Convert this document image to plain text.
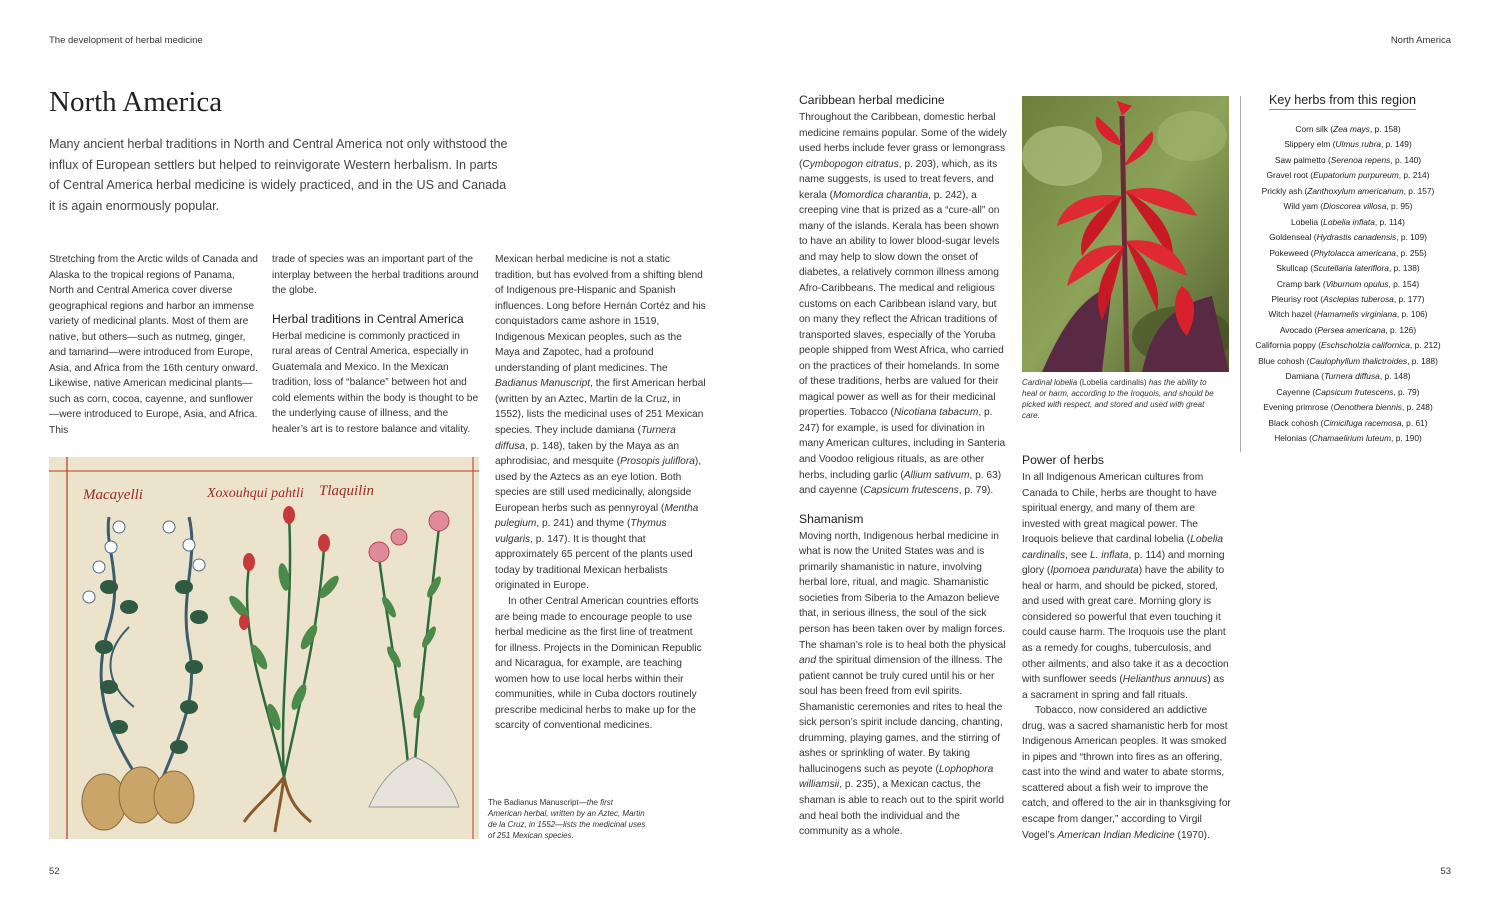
The development of herbal medicine	North America
North America
Many ancient herbal traditions in North and Central America not only withstood the influx of European settlers but helped to reinvigorate Western herbalism. In parts of Central America herbal medicine is widely practiced, and in the US and Canada it is again enormously popular.

Stretching from the Arctic wilds of Canada and Alaska to the tropical regions of Panama, North and Central America cover diverse geographical regions and harbor an immense variety of medicinal plants. Most of them are native, but others—such as nutmeg, ginger, and tamarind—were introduced from Europe, Asia, and Africa from the 16th century onward. Likewise, native American medicinal plants—such as corn, cocoa, cayenne, and sunflower—were introduced to Europe, Asia, and Africa. This

trade of species was an important part of the interplay between the herbal traditions around the globe.

Herbal traditions in Central America

Herbal medicine is commonly practiced in rural areas of Central America, especially in Guatemala and Mexico. In the Mexican tradition, loss of “balance” between hot and cold elements within the body is thought to be the underlying cause of illness, and the healer’s art is to restore balance and vitality.

Mexican herbal medicine is not a static tradition, but has evolved from a shifting blend of Indigenous pre-Hispanic and Spanish influences. Long before Hernán Cortéz and his conquistadors came ashore in 1519, Indigenous Mexican peoples, such as the Maya and Zapotec, had a profound understanding of plant medicines. The Badianus Manuscript, the first American herbal (written by an Aztec, Martin de la Cruz, in 1552), lists the medicinal uses of 251 Mexican species. They include damiana (Turnera diffusa, p. 148), taken by the Maya as an aphrodisiac, and mesquite (Prosopis juliflora), used by the Aztecs as an eye lotion. Both species are still used medicinally, alongside European herbs such as pennyroyal (Mentha pulegium, p. 241) and thyme (Thymus vulgaris, p. 147). It is thought that approximately 65 percent of the plants used today by traditional Mexican herbalists originated in Europe.

In other Central American countries efforts are being made to encourage people to use herbal medicine as the first line of treatment for illness. Projects in the Dominican Republic and Nicaragua, for example, are teaching women how to use local herbs within their communities, while in Cuba doctors routinely prescribe medicinal herbs to make up for the scarcity of conventional medicines.

Macayelli	Xoxouhqui pahtli Tlaquilin
The Badianus Manuscript—the first American herbal, written by an Aztec, Martin de la Cruz, in 1552—lists the medicinal uses of 251 Mexican species.
52	53
Caribbean herbal medicine

Throughout the Caribbean, domestic herbal medicine remains popular. Some of the widely used herbs include fever grass or lemongrass (Cymbopogon citratus, p. 203), which, as its name suggests, is used to treat fevers, and kerala (Momordica charantia, p. 242), a creeping vine that is prized as a “cure-all” on many of the islands. Kerala has been shown to have an ability to lower blood-sugar levels and may help to slow down the onset of diabetes, a relatively common illness among Afro-Caribbeans. The medical and religious customs on each Caribbean island vary, but on many they reflect the African traditions of transported slaves, especially of the Yoruba people shipped from West Africa, who carried on the practices of their homelands. In some of these traditions, herbs are valued for their magical power as well as for their medicinal properties. Tobacco (Nicotiana tabacum, p. 247) for example, is used for divination in many American cultures, including in Santeria and Voodoo religious rituals, as are other herbs, including garlic (Allium sativum, p. 63) and cayenne (Capsicum frutescens, p. 79).

Shamanism

Moving north, Indigenous herbal medicine in what is now the United States was and is primarily shamanistic in nature, involving herbal lore, ritual, and magic. Shamanistic societies from Siberia to the Amazon believe that, in serious illness, the soul of the sick person has been taken over by malign forces. The shaman’s role is to heal both the physical and the spiritual dimension of the illness. The patient cannot be truly cured until his or her soul has been freed from evil spirits. Shamanistic ceremonies and rites to heal the sick person’s spirit include dancing, chanting, drumming, playing games, and the stirring of ashes or sprinkling of water. By taking hallucinogens such as peyote (Lophophora williamsii, p. 235), a Mexican cactus, the shaman is able to reach out to the spirit world and heal both the individual and the community as a whole.

Cardinal lobelia (Lobelia cardinalis) has the ability to heal or harm, according to the Iroquois, and should be picked with respect, and stored and used with great care.
Power of herbs

In all Indigenous American cultures from Canada to Chile, herbs are thought to have spiritual energy, and many of them are invested with great magical power. The Iroquois believe that cardinal lobelia (Lobelia cardinalis, see L. inflata, p. 114) and morning glory (Ipomoea pandurata) have the ability to heal or harm, and should be picked, stored, and used with great care. Morning glory is considered so powerful that even touching it could cause harm. The Iroquois use the plant as a remedy for coughs, tuberculosis, and other ailments, and also take it as a decoction with sunflower seeds (Helianthus annuus) as a sacrament in spring and fall rituals.

Tobacco, now considered an addictive drug, was a sacred shamanistic herb for most Indigenous American peoples. It was smoked in pipes and “thrown into fires as an offering, cast into the wind and water to abate storms, scattered about a fish weir to improve the catch, and offered to the air in thanksgiving for escape from danger,” according to Virgil Vogel’s American Indian Medicine (1970).

Key herbs from this region
Corn silk (Zea mays, p. 158)
Slippery elm (Ulmus rubra, p. 149)
Saw palmetto (Serenoa repens, p. 140)
Gravel root (Eupatorium purpureum, p. 214)
Prickly ash (Zanthoxylum americanum, p. 157)
Wild yam (Dioscorea villosa, p. 95)
Lobelia (Lobelia inflata, p. 114)
Goldenseal (Hydrastis canadensis, p. 109)
Pokeweed (Phytolacca americana, p. 255)
Skullcap (Scutellaria lateriflora, p. 138)
Cramp bark (Viburnum opulus, p. 154)
Pleurisy root (Asclepias tuberosa, p. 177)
Witch hazel (Hamamelis virginiana, p. 106)
Avocado (Persea americana, p. 126)
California poppy (Eschscholzia californica, p. 212)
Blue cohosh (Caulophyllum thalictroides, p. 188)
Damiana (Turnera diffusa, p. 148)
Cayenne (Capsicum frutescens, p. 79)
Evening primrose (Oenothera biennis, p. 248)
Black cohosh (Cimicifuga racemosa, p. 61)
Helonias (Chamaelirium luteum, p. 190)
